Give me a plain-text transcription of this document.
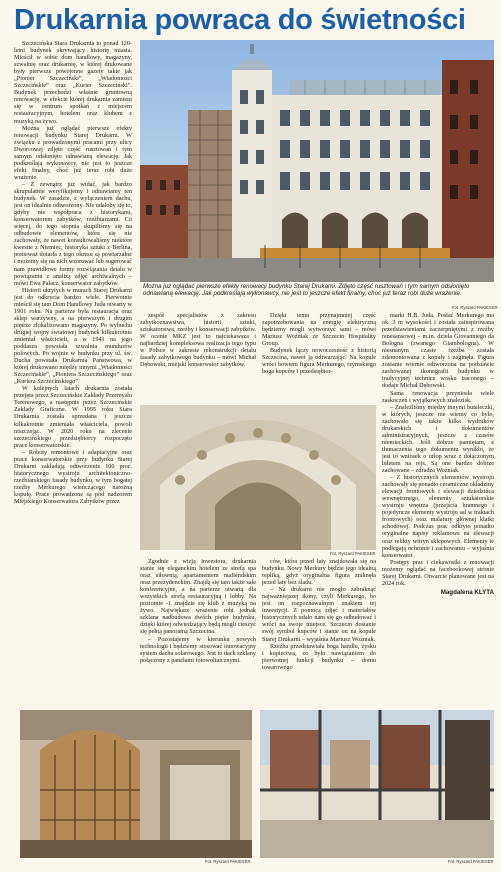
Drukarnia powraca do świetności

Szczecińska Stara Drukarnia to ponad 120-letni budynek skrywający historię miasta. Mieścił w sobie dom handlowy, magazyny, szwalnię oraz drukarnię, w której drukowane były pierwsze powojenne gazety takie jak „Pionier Szczeciński”, „Wiadomości Szczecińskie” oraz „Kurier Szczeciński”. Budynek przechodzi właśnie gruntowną renowację, w efekcie której drukarnia zamieni się w centrum spotkań z miejscem restauracyjnym, hotelem oraz klubem z muzyką na żywo.

Można już oglądać pierwsze efekty renowacji budynku Starej Drukarni. W związku z prowadzonymi pracami przy ulicy Dworcowej zdjęto część rusztowań i tym samym odsłonięto odnawianą elewację. Jak podkreślają wykonawcy, nie jest to jeszcze efekt finalny, choć już teraz robi duże wrażenie.

– Z zewnątrz już widać, jak bardzo skrupulatnie weryfikujemy i odnawiamy ten budynek. W zasadzie, z wyłączeniem dachu, jest on idealnie odtworzony. Nie udałoby się to, gdyby nie współpraca z historykami, konserwatorem zabytków, rzeźbiarzami. Co więcej, do tego stopnia skupiliśmy się na odbudowie elementów, które się nie zachowały, że nawet konsultowaliśmy niektóre kwestie z Niemiec, historyka sztuki z Berlina, ponieważ dotarła z tego okresu są powtarzalne i możemy się na nich wzorować lub sugerować nam prawidłowe formy rozwiązania detalu w powiązaniu z analizą zdjęć archiwalnych – mówi Ewa Palacz, konserwator zabytków.

Historii ukrytych w murach Starej Drukarni jest do odkrycia bardzo wiele. Pierwotnie mieścił się tam Dom Handlowy Juda otwarty w 1901 roku. Na parterze była restauracja oraz sklep warzywny, a na pierwszym i drugim piętrze zlokalizowano magazyny. Po wybuchu drugiej wojny światowej budynek kilkukrotnie zmieniał właścicieli, a w 1941 na jego poddaszu powstała szwalnia mundurów polowych. Po wojnie w budynku przy ul. św. Ducha powstała Drukarnia Państwowa, w której drukowano między innymi „Wiadomości Szczecińskie”, „Pioniera Szczecińskiego” oraz „Kuriera Szczecińskiego”.

W kolejnych latach drukarnia została przejęta przez Szczecińskie Zakłady Przemysłu Terenowego, a następnie przez Szczecińskie Zakłady Graficzne. W 1995 roku Stara Drukarnia została sprzedana i jeszcze kilkakrotnie zmieniała właściciela, powoli niszczejąc. W 2020 roku na zlecenie szczecińskiego przedsiębiorcy rozpoczęto prace konserwatorskie.

– Roboty remontowe i adaptacyjne oraz prace konserwatorskie przy budynku Starej Drukarni zakładają odtworzenie 100 proc. historycznego wystroju architektoniczno-rzeźbiarskiego fasady budynku, w tym bogatej rzeźby Merkurego wieńczącego narożną kopułę. Prace prowadzone są pod nadzorem Miejskiego Konserwatora Zabytków przez

Można już oglądać pierwsze efekty renowacji budynku Starej Drukarni. Zdjęto część rusztowań i tym samym odsłonięto odnawianą elewację. Jak podkreślają wykonawcy, nie jest to jeszcze efekt finalny, choć już teraz robi duże wrażenie.
Fot. Ryszard PAKIESER

zespół specjalistów z zakresu zabytkoznawstwa, historii sztuki, sztukatorstwa, rzeźby i konserwacji zabytków. W ocenie MKZ jest to najciekawsza i najbardziej kompleksowa realizacja tego typu w Polsce w zakresie rekonstrukcji detalu fasady zabytkowego budynku – mówi Michał Dębowski, miejski konserwator zabytków.

Dzięki temu przynajmniej część zapotrzebowania na energię elektryczną będziemy mogli wytworzyć sami – mówi Mariusz Woźniak ze Szczecin Hospitality Group.

Budynek łączy nowoczesność z historią Szczecina, nawet ją odtwarzając. Na kopule wróci bowiem figura Merkurego, rzymskiego boga kupców i przedsiębior-

marki H.B. Juda. Postać Merkurego ma ok. 3 m wysokości i została zainspirowana przedstawieniami zaczerpniętymi z rzeźby renesansowej – m.in. dzieła Giovanniego da Bologna (zwanego Giambologna). W niesnanym czasie rzeźba została zdemontowana z kopuły i zaginęła. Figura zostanie wiernie odtworzona na podstawie zachowanej ikonografii budynku w tradycyjnej technice wosku traconego – dodaje Michał Dębowski.

Sama renowacja przyniosła wiele zaskoczeń i wyjątkowych znalezisk.

– Znaleźliśmy między innymi buteleczki, w których, jeszcze nie wiemy co było, zachowało się także kilka wydruków drukarskich i dokumentów administracyjnych, jeszcze z czasów niemieckich. Jeśli dobrze pamiętam, z tłumaczenia tego dokumentu wynikło, że jest to wniosek o urlop wraz z dołączonym biletem na rejs. Są one bardzo dobrze zachowane – zdradza Woźniak.

– Z historycznych elementów wystroju zachowały się ponadto ceramiczne okładziny elewacji frontowych i elewacji dziedzińca wewnętrznego, elementy sztukatorskie wystroju wnętrza (przejścia bramnego i pojedyncze elementy wystroju sal w traktach frontowych) oraz malatury głównej klatki schodowej. Podczas prac odkryto ponadto oryginalne napisy reklamowe na elewacji oraz relikty witryn sklepowych. Elementy te podlegają ochronie i zachowaniu – wyjaśnia konserwator.

Postępy prac i ciekawostki z renowacji możemy oglądać na facebookowej stronie Starej Drukarni. Otwarcie planowane jest na 2024 rok.

Magdalena KLYTA

Fot. Ryszard PAKIESER

Zgodnie z wizją inwestora, drukarnia stanie się eleganckim hotelem ze strefą spa oraz siłownią, apartamentem mafiéndskim oraz przezydenckim. Znajdą się tam także sale konferencyjne, a na parterze otwartą dla wszystkich strefą restauracyjną i lobby. Na poziomie -1 znajdzie się klub z muzyką na żywo. Największe wrażenie robi jednak szklana nadbudowa dwóch pięter budynku, dzięki której odwiedzający będą mogli cieszyć się pełną panoramą Szczecina.

– Pozostajemy w kierunku nowych technologii i będziemy stosować innowacyjny system dachu solarowego. Jest to dach szklany połączony z panelami fotowoltaicznymi.

ców, która przed laty znajdowała się na budynku. Nowy Merkury będzie jego idealną repliką, gdyż oryginalna figura zniknęła przed laty bez śladu.

– Na drukarni nie mogło zabraknąć najważniejszej ikony, czyli Merkurego, bo jest on rozpoznawalnym znakiem tej inwestycji. Z pomocą zdjęć i materiałów historycznych udało nam się go odbudować i wróci na swoje miejsce. Szczecin dostanie swój symbol kupców i stanie on na kopule Starej Drukarni – wyjaśnia Mariusz Woźniak.

Rzeźba przedstawiała boga handlu, zysku i kupiectwa, co było nawiązaniem do pierwotnej funkcji budynku – domu towarowego

Fot. Ryszard PAKIESER	Fot. Ryszard PAKIESER
